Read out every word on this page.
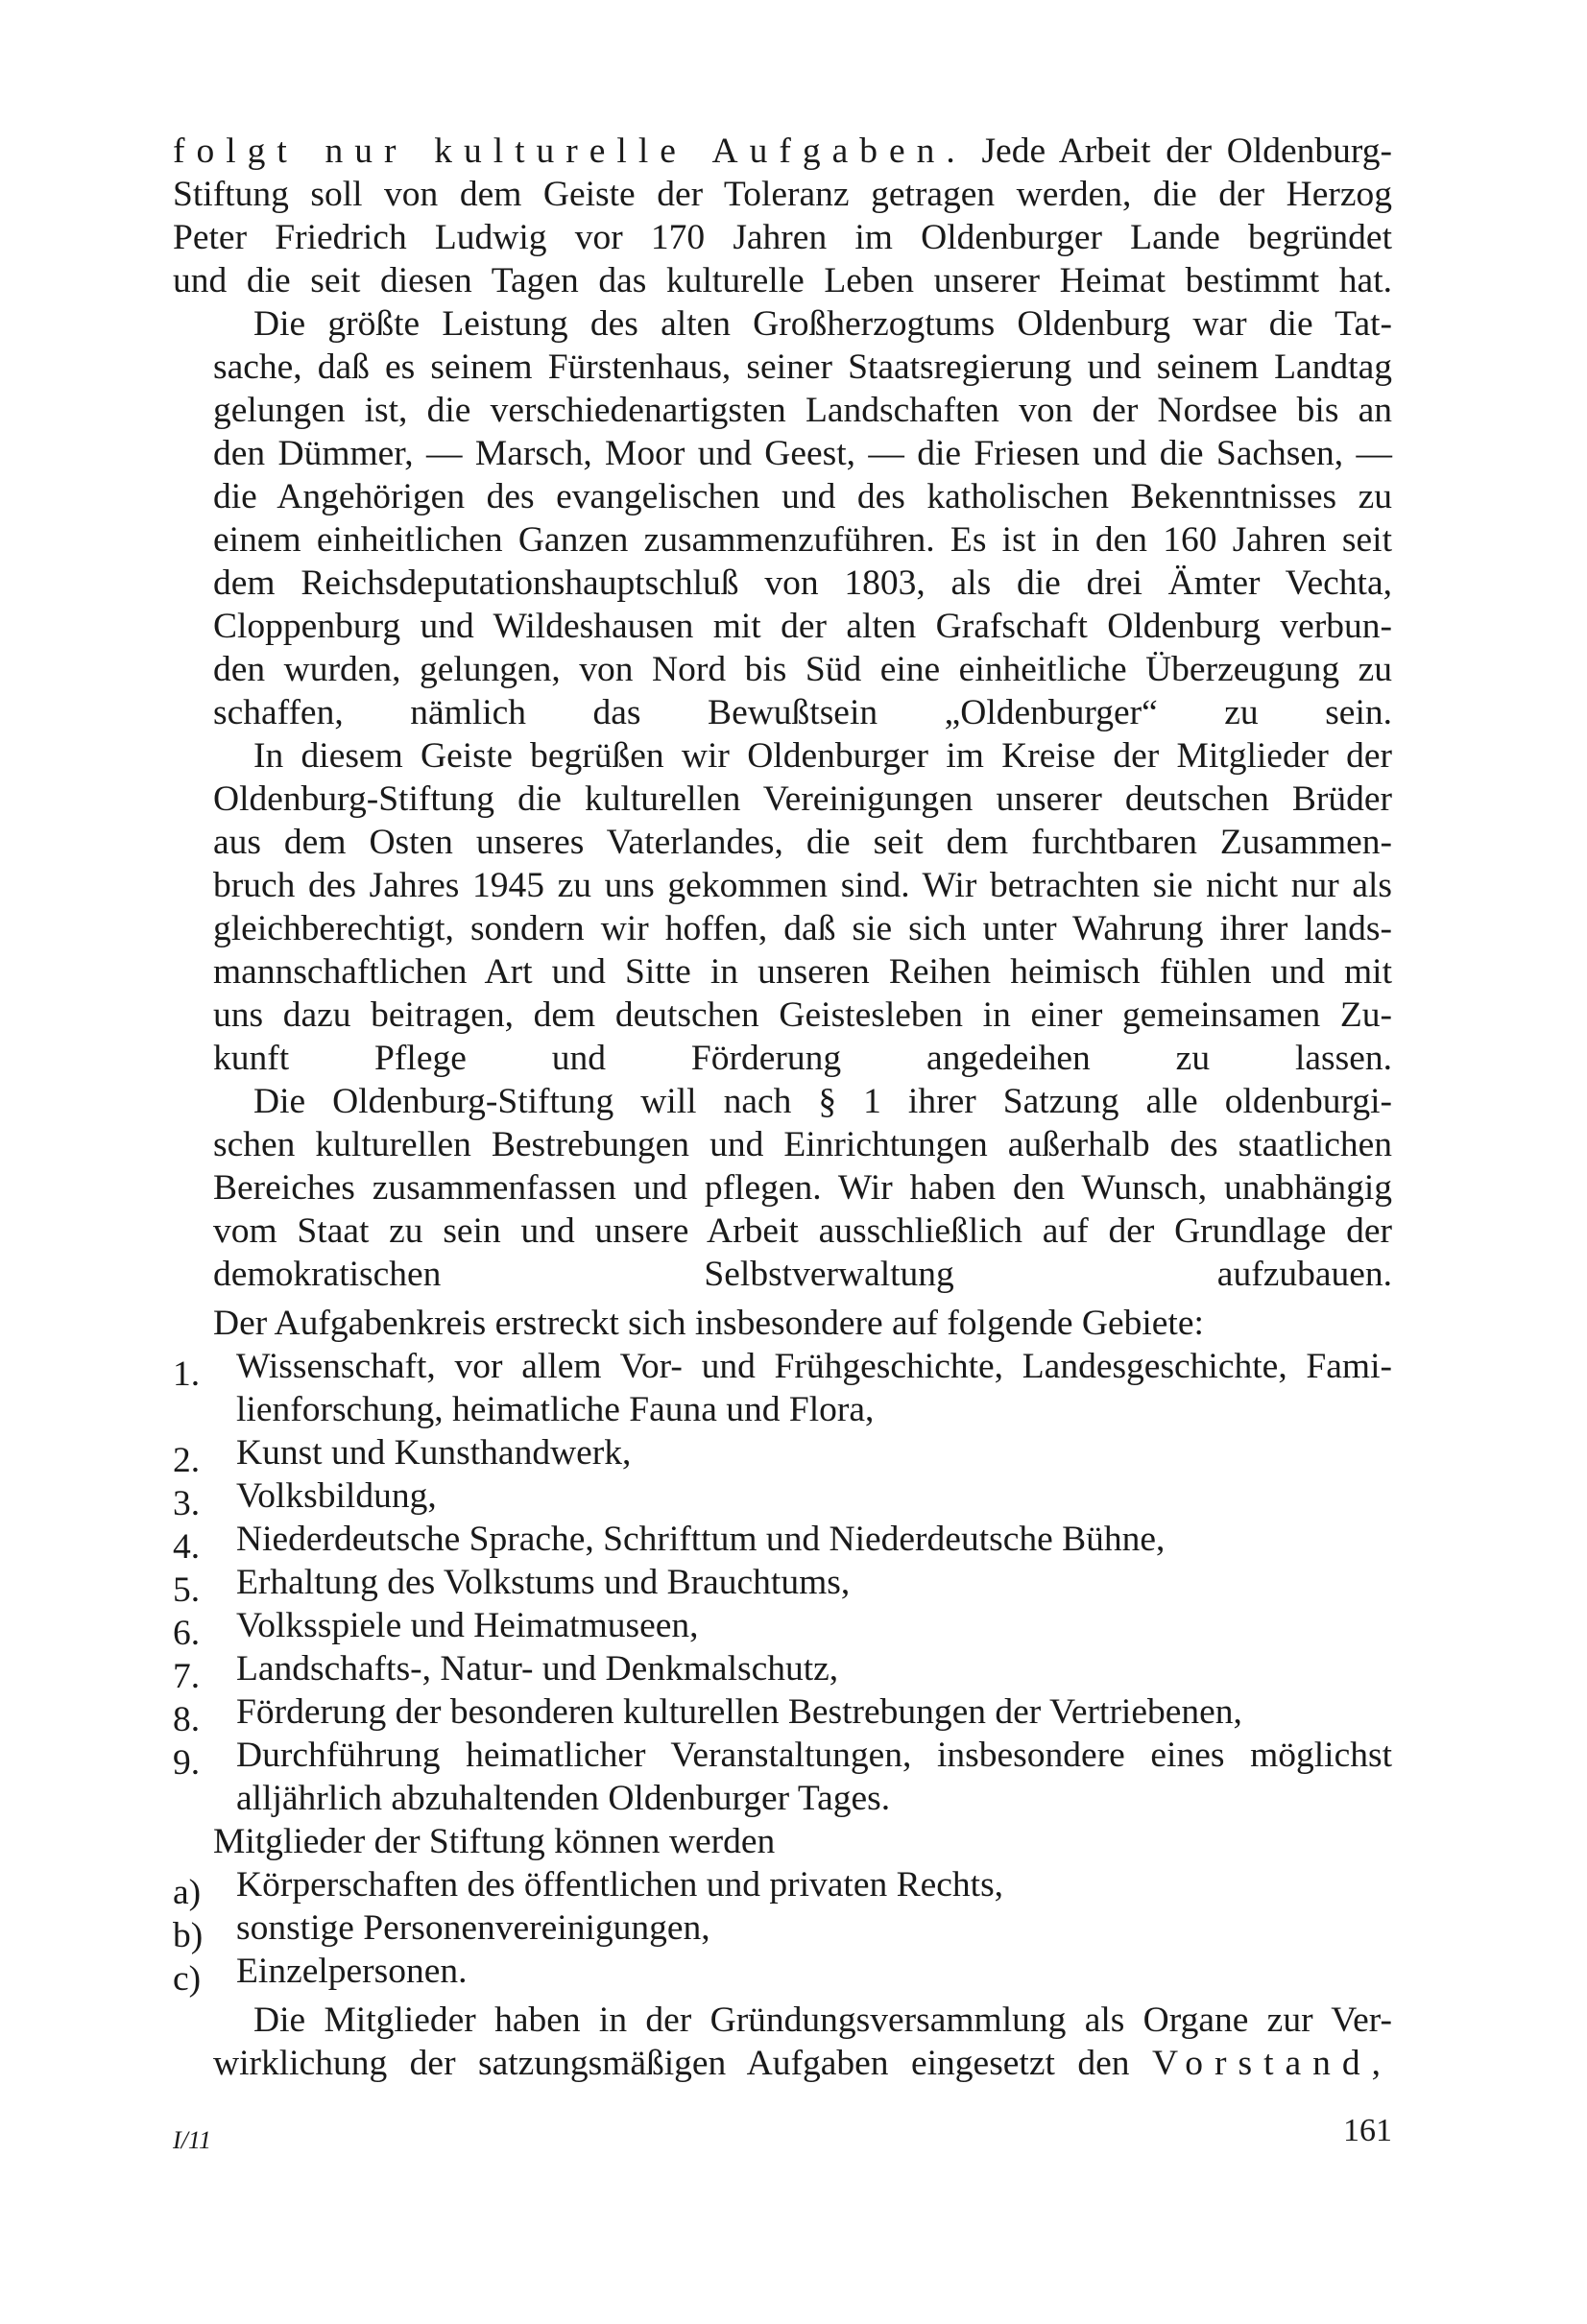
folgt nur kulturelle Aufgaben. Jede Arbeit der Oldenburg-
Stiftung soll von dem Geiste der Toleranz getragen werden, die der Herzog
Peter Friedrich Ludwig vor 170 Jahren im Oldenburger Lande begründet
und die seit diesen Tagen das kulturelle Leben unserer Heimat bestimmt hat.
Die größte Leistung des alten Großherzogtums Oldenburg war die Tat-
sache, daß es seinem Fürstenhaus, seiner Staatsregierung und seinem Landtag
gelungen ist, die verschiedenartigsten Landschaften von der Nordsee bis an
den Dümmer, — Marsch, Moor und Geest, — die Friesen und die Sachsen, —
die Angehörigen des evangelischen und des katholischen Bekenntnisses zu
einem einheitlichen Ganzen zusammenzuführen. Es ist in den 160 Jahren seit
dem Reichsdeputationshauptschluß von 1803, als die drei Ämter Vechta,
Cloppenburg und Wildeshausen mit der alten Grafschaft Oldenburg verbun-
den wurden, gelungen, von Nord bis Süd eine einheitliche Überzeugung zu
schaffen, nämlich das Bewußtsein „Oldenburger“ zu sein.
In diesem Geiste begrüßen wir Oldenburger im Kreise der Mitglieder der
Oldenburg-Stiftung die kulturellen Vereinigungen unserer deutschen Brüder
aus dem Osten unseres Vaterlandes, die seit dem furchtbaren Zusammen-
bruch des Jahres 1945 zu uns gekommen sind. Wir betrachten sie nicht nur als
gleichberechtigt, sondern wir hoffen, daß sie sich unter Wahrung ihrer lands-
mannschaftlichen Art und Sitte in unseren Reihen heimisch fühlen und mit
uns dazu beitragen, dem deutschen Geistesleben in einer gemeinsamen Zu-
kunft Pflege und Förderung angedeihen zu lassen.
Die Oldenburg-Stiftung will nach § 1 ihrer Satzung alle oldenburgi-
schen kulturellen Bestrebungen und Einrichtungen außerhalb des staatlichen
Bereiches zusammenfassen und pflegen. Wir haben den Wunsch, unabhängig
vom Staat zu sein und unsere Arbeit ausschließlich auf der Grundlage der
demokratischen Selbstverwaltung aufzubauen.
Der Aufgabenkreis erstreckt sich insbesondere auf folgende Gebiete:
1. Wissenschaft, vor allem Vor- und Frühgeschichte, Landesgeschichte, Fami-
lienforschung, heimatliche Fauna und Flora,
2. Kunst und Kunsthandwerk,
3. Volksbildung,
4. Niederdeutsche Sprache, Schrifttum und Niederdeutsche Bühne,
5. Erhaltung des Volkstums und Brauchtums,
6. Volksspiele und Heimatmuseen,
7. Landschafts-, Natur- und Denkmalschutz,
8. Förderung der besonderen kulturellen Bestrebungen der Vertriebenen,
9. Durchführung heimatlicher Veranstaltungen, insbesondere eines möglichst
alljährlich abzuhaltenden Oldenburger Tages.
Mitglieder der Stiftung können werden
a) Körperschaften des öffentlichen und privaten Rechts,
b) sonstige Personenvereinigungen,
c) Einzelpersonen.
Die Mitglieder haben in der Gründungsversammlung als Organe zur Ver-
wirklichung der satzungsmäßigen Aufgaben eingesetzt den Vorstand,
I/11	161
